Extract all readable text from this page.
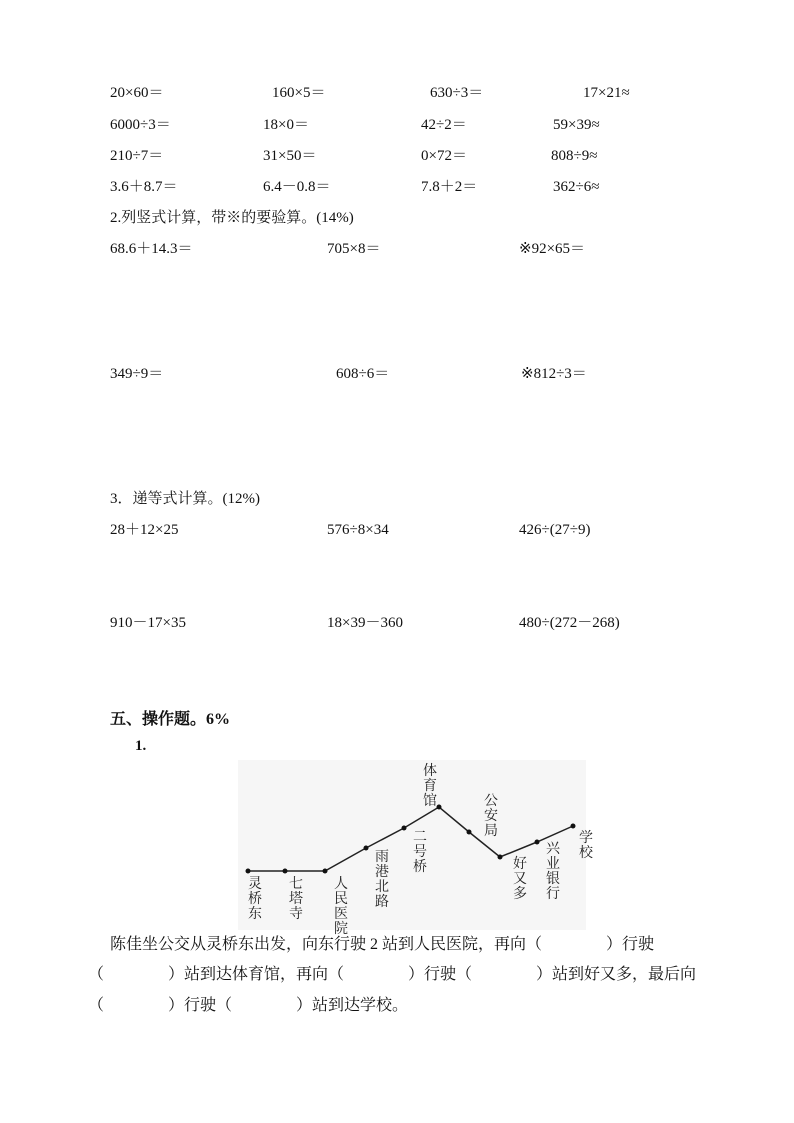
20×60＝	160×5＝	630÷3＝	17×21≈
6000÷3＝	18×0＝	42÷2＝	59×39≈
210÷7＝	31×50＝	0×72＝	808÷9≈
3.6＋8.7＝	6.4－0.8＝	7.8＋2＝	362÷6≈
2.列竖式计算，带※的要验算。(14%)
68.6＋14.3＝	705×8＝	※92×65＝
349÷9＝	608÷6＝	※812÷3＝
3．递等式计算。(12%)
28＋12×25	576÷8×34	426÷(27÷9)
910－17×35	18×39－360	480÷(272－268)
五、操作题。6%
1.
灵桥东
七塔寺
人民医院
雨港北路
二号桥
体育馆	公安局
好又多
兴业银行
学校
陈佳坐公交从灵桥东出发，向东行驶 2 站到人民医院，再向（　　　　）行驶
（　　　　）站到达体育馆，再向（　　　　）行驶（　　　　）站到好又多，最后向
（　　　　）行驶（　　　　）站到达学校。
